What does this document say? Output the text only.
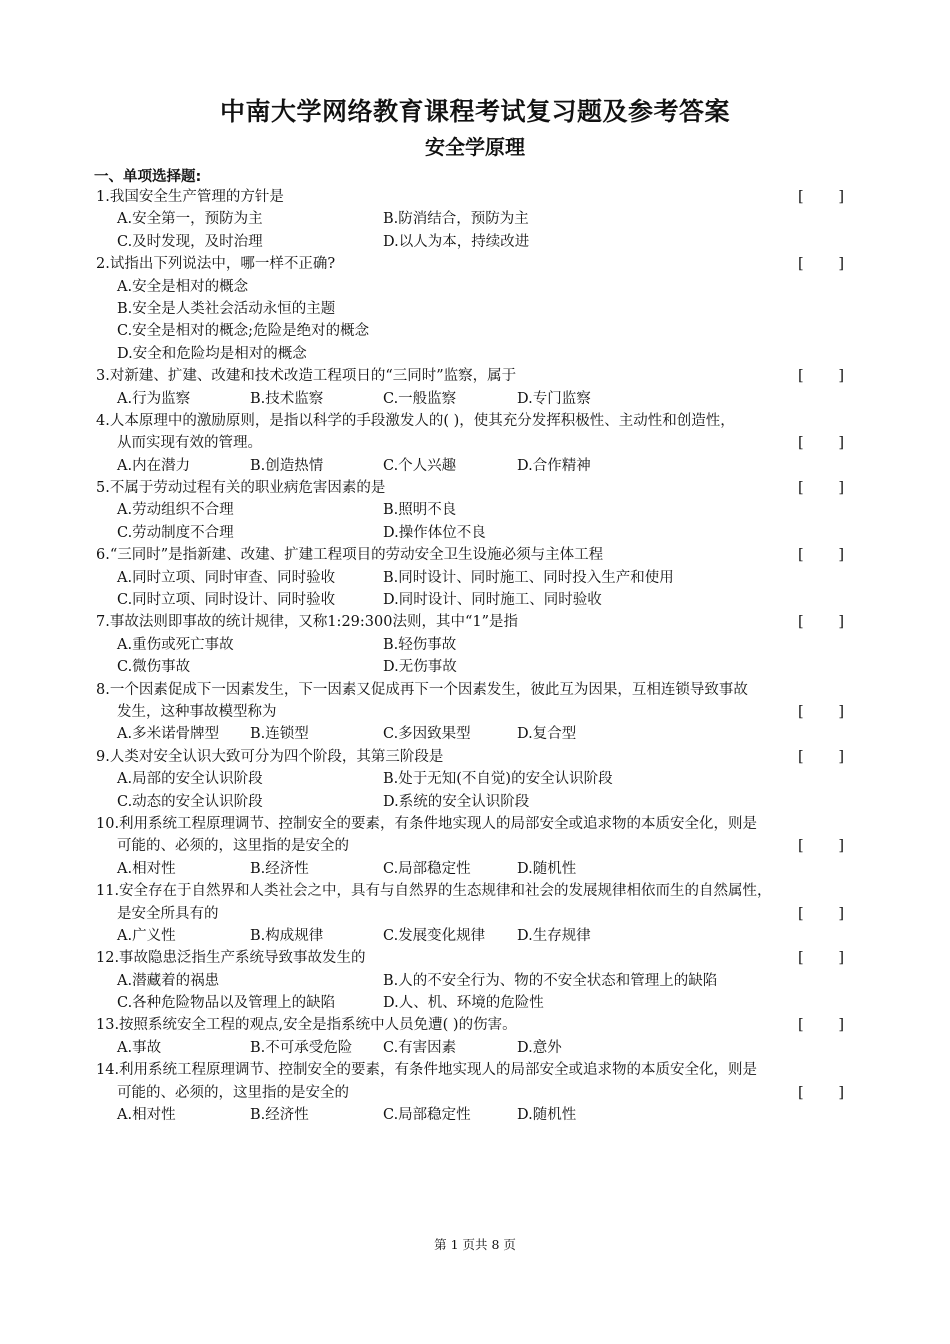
中南大学网络教育课程考试复习题及参考答案
安全学原理
一、单项选择题:
1.我国安全生产管理的方针是	[ ]
A.安全第一，预防为主	B.防消结合，预防为主
C.及时发现，及时治理	D.以人为本，持续改进
2.试指出下列说法中，哪一样不正确?	[ ]
A.安全是相对的概念
B.安全是人类社会活动永恒的主题
C.安全是相对的概念;危险是绝对的概念
D.安全和危险均是相对的概念
3.对新建、扩建、改建和技术改造工程项日的“三同时”监察，属于	[ ]
A.行为监察	B.技术监察	C.一般监察	D.专门监察
4.人本原理中的激励原则，是指以科学的手段激发人的( )，使其充分发挥积极性、主动性和创造性，
从而实现有效的管理。	[ ]
A.内在潜力	B.创造热情	C.个人兴趣	D.合作精神
5.不属于劳动过程有关的职业病危害因素的是	[ ]
A.劳动组织不合理	B.照明不良
C.劳动制度不合理	D.操作体位不良
6.“三同时”是指新建、改建、扩建工程项目的劳动安全卫生设施必须与主体工程	[ ]
A.同时立项、同时审查、同时验收	B.同时设计、同时施工、同时投入生产和使用
C.同时立项、同时设计、同时验收	D.同时设计、同时施工、同时验收
7.事故法则即事故的统计规律，又称1:29:300法则，其中“1”是指	[ ]
A.重伤或死亡事故	B.轻伤事故
C.微伤事故	D.无伤事故
8.一个因素促成下一因素发生，下一因素又促成再下一个因素发生，彼此互为因果，互相连锁导致事故
发生，这种事故模型称为	[ ]
A.多米诺骨牌型 B.连锁型	C.多因致果型	D.复合型
9.人类对安全认识大致可分为四个阶段，其第三阶段是	[ ]
A.局部的安全认识阶段	B.处于无知(不自觉)的安全认识阶段
C.动态的安全认识阶段	D.系统的安全认识阶段
10.利用系统工程原理调节、控制安全的要素，有条件地实现人的局部安全或追求物的本质安全化，则是
可能的、必须的，这里指的是安全的	[ ]
A.相对性	B.经济性	C.局部稳定性	D.随机性
11.安全存在于自然界和人类社会之中，具有与自然界的生态规律和社会的发展规律相依而生的自然属性，
是安全所具有的	[ ]
A.广义性	B.构成规律	C.发展变化规律 D.生存规律
12.事故隐患泛指生产系统导致事故发生的	[ ]
A.潜藏着的祸患	B.人的不安全行为、物的不安全状态和管理上的缺陷
C.各种危险物品以及管理上的缺陷	D.人、机、环境的危险性
13.按照系统安全工程的观点,安全是指系统中人员免遭( )的伤害。	[ ]
A.事故	B.不可承受危险 C.有害因素	D.意外
14.利用系统工程原理调节、控制安全的要素，有条件地实现人的局部安全或追求物的本质安全化，则是
可能的、必须的，这里指的是安全的	[ ]
A.相对性	B.经济性	C.局部稳定性	D.随机性
第 1 页共 8 页
